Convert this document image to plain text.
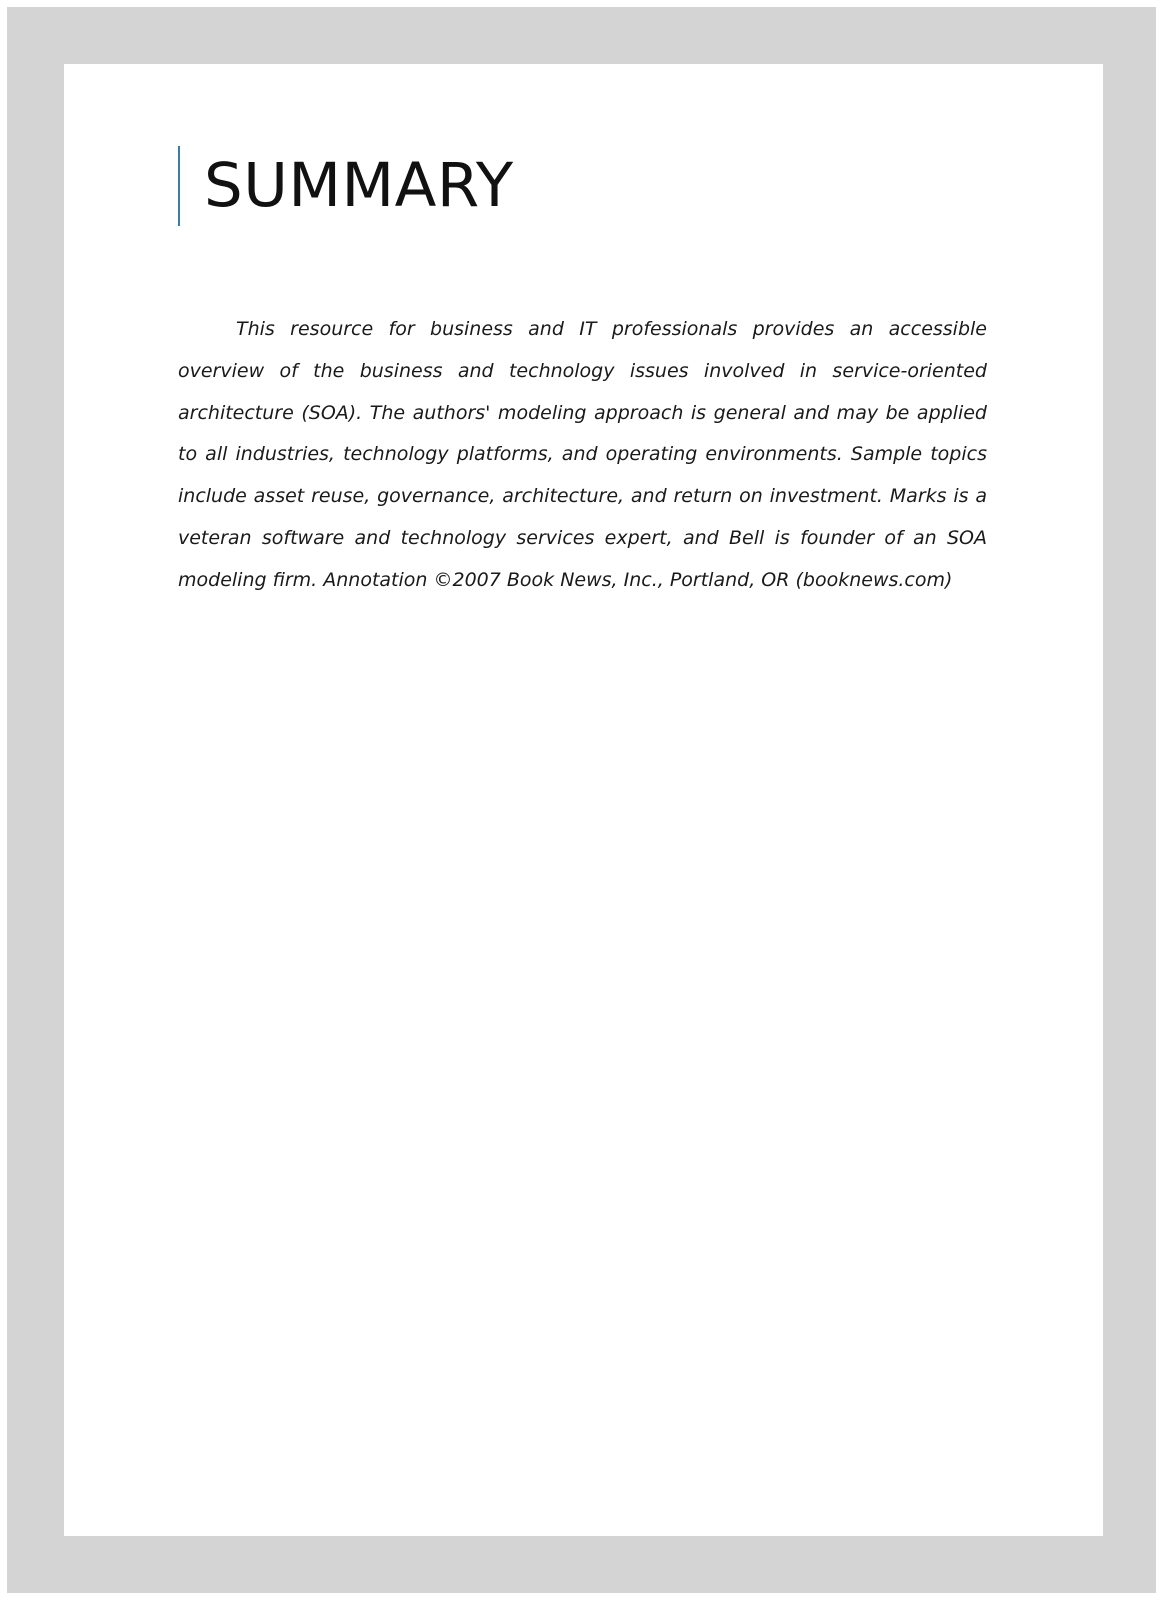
SUMMARY

This resource for business and IT professionals provides an accessible overview of the business and technology issues involved in service-oriented architecture (SOA). The authors' modeling approach is general and may be applied to all industries, technology platforms, and operating environments. Sample topics include asset reuse, governance, architecture, and return on investment. Marks is a veteran software and technology services expert, and Bell is founder of an SOA modeling firm. Annotation ©2007 Book News, Inc., Portland, OR (booknews.com)
